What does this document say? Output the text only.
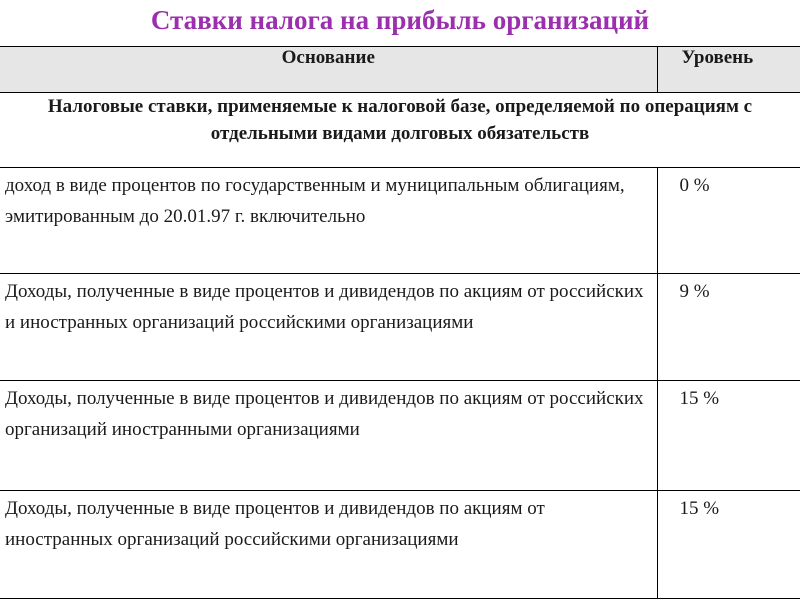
Ставки налога на прибыль организаций
Основание	Уровень
Налоговые ставки, применяемые к налоговой базе, определяемой по операциям с отдельными видами долговых обязательств	
доход в виде процентов по государственным и муниципальным облигациям, эмитированным до 20.01.97 г. включительно	0 %
Доходы, полученные в виде процентов и дивидендов по акциям от российских и иностранных организаций российскими организациями	9 %
Доходы, полученные в виде процентов и дивидендов по акциям от российских организаций иностранными организациями	15 %
Доходы, полученные в виде процентов и дивидендов по акциям от иностранных организаций российскими организациями	15 %
